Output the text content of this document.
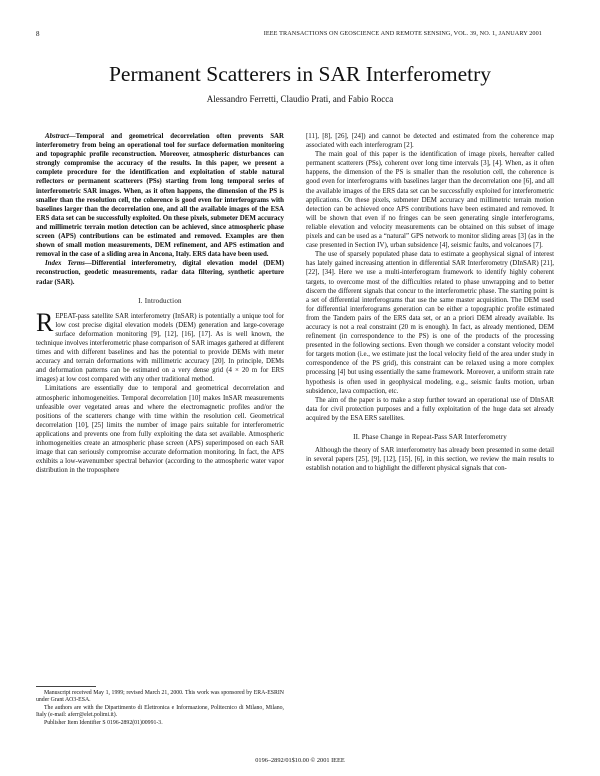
8	IEEE TRANSACTIONS ON GEOSCIENCE AND REMOTE SENSING, VOL. 39, NO. 1, JANUARY 2001
Permanent Scatterers in SAR Interferometry
Alessandro Ferretti, Claudio Prati, and Fabio Rocca

Abstract—Temporal and geometrical decorrelation often prevents SAR interferometry from being an operational tool for surface deformation monitoring and topographic profile reconstruction. Moreover, atmospheric disturbances can strongly compromise the accuracy of the results. In this paper, we present a complete procedure for the identification and exploitation of stable natural reflectors or permanent scatterers (PSs) starting from long temporal series of interferometric SAR images. When, as it often happens, the dimension of the PS is smaller than the resolution cell, the coherence is good even for interferograms with baselines larger than the decorrelation one, and all the available images of the ESA ERS data set can be successfully exploited. On these pixels, submeter DEM accuracy and millimetric terrain motion detection can be achieved, since atmospheric phase screen (APS) contributions can be estimated and removed. Examples are then shown of small motion measurements, DEM refinement, and APS estimation and removal in the case of a sliding area in Ancona, Italy. ERS data have been used.

Index Terms—Differential interferometry, digital elevation model (DEM) reconstruction, geodetic measurements, radar data filtering, synthetic aperture radar (SAR).

I. Introduction

REPEAT-pass satellite SAR interferometry (InSAR) is potentially a unique tool for low cost precise digital elevation models (DEM) generation and large-coverage surface deformation monitoring [9], [12], [16], [17]. As is well known, the technique involves interferometric phase comparison of SAR images gathered at different times and with different baselines and has the potential to provide DEMs with meter accuracy and terrain deformations with millimetric accuracy [20]. In principle, DEMs and deformation patterns can be estimated on a very dense grid (4 × 20 m for ERS images) at low cost compared with any other traditional method.

Limitations are essentially due to temporal and geometrical decorrelation and atmospheric inhomogeneities. Temporal decorrelation [10] makes InSAR measurements unfeasible over vegetated areas and where the electromagnetic profiles and/or the positions of the scatterers change with time within the resolution cell. Geometrical decorrelation [10], [25] limits the number of image pairs suitable for interferometric applications and prevents one from fully exploiting the data set available. Atmospheric inhomogeneities create an atmospheric phase screen (APS) superimposed on each SAR image that can seriously compromise accurate deformation monitoring. In fact, the APS exhibits a low-wavenumber spectral behavior (according to the atmospheric water vapor distribution in the troposphere

[11], [8], [26], [24]) and cannot be detected and estimated from the coherence map associated with each interferogram [2].

The main goal of this paper is the identification of image pixels, hereafter called permanent scatterers (PSs), coherent over long time intervals [3], [4]. When, as it often happens, the dimension of the PS is smaller than the resolution cell, the coherence is good even for interferograms with baselines larger than the decorrelation one [6], and all the available images of the ERS data set can be successfully exploited for interferometric applications. On these pixels, submeter DEM accuracy and millimetric terrain motion detection can be achieved once APS contributions have been estimated and removed. It will be shown that even if no fringes can be seen generating single interferograms, reliable elevation and velocity measurements can be obtained on this subset of image pixels and can be used as a “natural” GPS network to monitor sliding areas [3] (as in the case presented in Section IV), urban subsidence [4], seismic faults, and volcanoes [7].

The use of sparsely populated phase data to estimate a geophysical signal of interest has lately gained increasing attention in differential SAR Interferometry (DInSAR) [21], [22], [34]. Here we use a multi-interferogram framework to identify highly coherent targets, to overcome most of the difficulties related to phase unwrapping and to better discern the different signals that concur to the interferometric phase. The starting point is a set of differential interferograms that use the same master acquisition. The DEM used for differential interferograms generation can be either a topographic profile estimated from the Tandem pairs of the ERS data set, or an a priori DEM already available. Its accuracy is not a real constraint (20 m is enough). In fact, as already mentioned, DEM refinement (in correspondence to the PS) is one of the products of the processing presented in the following sections. Even though we consider a constant velocity model for targets motion (i.e., we estimate just the local velocity field of the area under study in correspondence of the PS grid), this constraint can be relaxed using a more complex processing [4] but using essentially the same framework. Moreover, a uniform strain rate hypothesis is often used in geophysical modeling, e.g., seismic faults motion, urban subsidence, lava compaction, etc.

The aim of the paper is to make a step further toward an operational use of DInSAR data for civil protection purposes and a fully exploitation of the huge data set already acquired by the ESA ERS satellites.

II. Phase Change in Repeat-Pass SAR Interferometry

Although the theory of SAR interferometry has already been presented in some detail in several papers [25], [9], [12], [15], [6], in this section, we review the main results to establish notation and to highlight the different physical signals that con-

Manuscript received May 1, 1999; revised March 21, 2000. This work was sponsored by ERA-ESRIN under Grant AO3-ESA.
The authors are with the Dipartimento di Elettronica e Informazione, Politecnico di Milano, Milano, Italy (e-mail: aferr@elet.polimi.it).
Publisher Item Identifier S 0196-2892(01)00991-3.
0196–2892/01$10.00 © 2001 IEEE
